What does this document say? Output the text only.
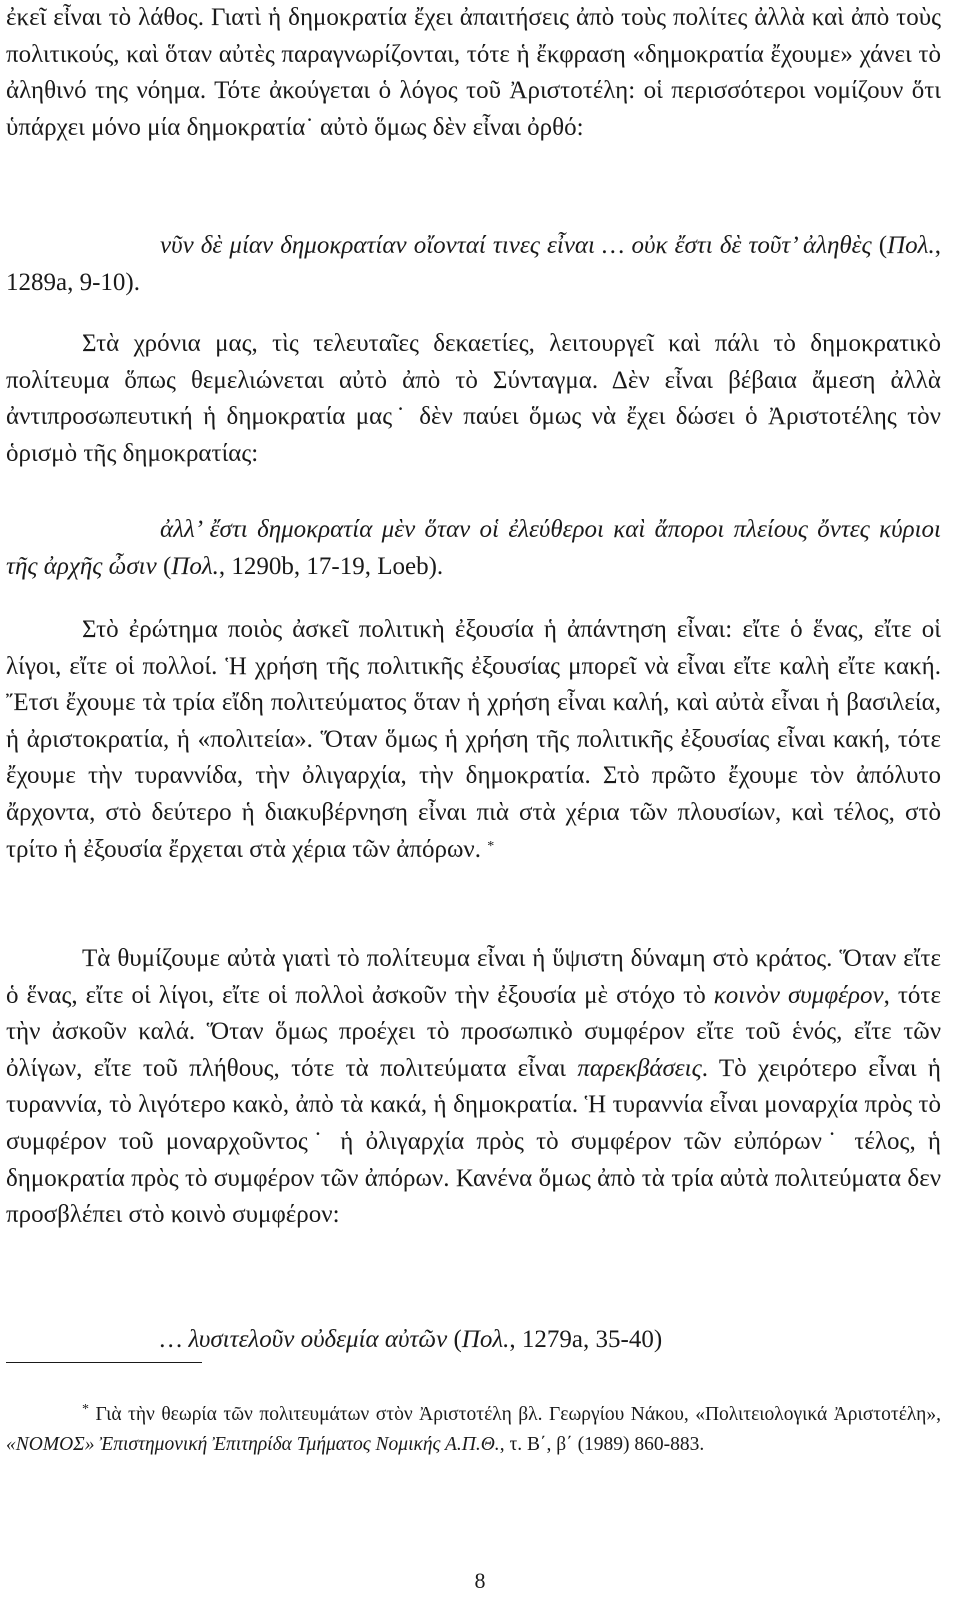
ἐκεῖ εἶναι τὸ λάθος. Γιατὶ ἡ δημοκρατία ἔχει ἀπαιτήσεις ἀπὸ τοὺς πολίτες ἀλλὰ καὶ ἀπὸ τοὺς πολιτικούς, καὶ ὅταν αὐτὲς παραγνωρίζονται, τότε ἡ ἔκφραση «δημοκρατία ἔχουμε» χάνει τὸ ἀληθινό της νόημα. Τότε ἀκούγεται ὁ λόγος τοῦ Ἀριστοτέλη: οἱ περισσότεροι νομίζουν ὅτι ὑπάρχει μόνο μία δημοκρατία˙ αὐτὸ ὅμως δὲν εἶναι ὀρθό:

νῦν δὲ μίαν δημοκρατίαν οἴονταί τινες εἶναι … οὐκ ἔστι δὲ τοῦτ’ ἀληθὲς (Πολ., 1289a, 9-10).

Στὰ χρόνια μας, τὶς τελευταῖες δεκαετίες, λειτουργεῖ καὶ πάλι τὸ δημοκρατικὸ πολίτευμα ὅπως θεμελιώνεται αὐτὸ ἀπὸ τὸ Σύνταγμα. Δὲν εἶναι βέβαια ἄμεση ἀλλὰ ἀντιπροσωπευτική ἡ δημοκρατία μας˙ δὲν παύει ὅμως νὰ ἔχει δώσει ὁ Ἀριστοτέλης τὸν ὁρισμὸ τῆς δημοκρατίας:

ἀλλ’ ἔστι δημοκρατία μὲν ὅταν οἱ ἐλεύθεροι καὶ ἄποροι πλείους ὄντες κύριοι τῆς ἀρχῆς ὦσιν (Πολ., 1290b, 17-19, Loeb).

Στὸ ἐρώτημα ποιὸς ἀσκεῖ πολιτικὴ ἐξουσία ἡ ἀπάντηση εἶναι: εἴτε ὁ ἕνας, εἴτε οἱ λίγοι, εἴτε οἱ πολλοί. Ἡ χρήση τῆς πολιτικῆς ἐξουσίας μπορεῖ νὰ εἶναι εἴτε καλὴ εἴτε κακή. Ἔτσι ἔχουμε τὰ τρία εἴδη πολιτεύματος ὅταν ἡ χρήση εἶναι καλή, καὶ αὐτὰ εἶναι ἡ βασιλεία, ἡ ἀριστοκρατία, ἡ «πολιτεία». Ὅταν ὅμως ἡ χρήση τῆς πολιτικῆς ἐξουσίας εἶναι κακή, τότε ἔχουμε τὴν τυραννίδα, τὴν ὀλιγαρχία, τὴν δημοκρατία. Στὸ πρῶτο ἔχουμε τὸν ἀπόλυτο ἄρχοντα, στὸ δεύτερο ἡ διακυβέρνηση εἶναι πιὰ στὰ χέρια τῶν πλουσίων, καὶ τέλος, στὸ τρίτο ἡ ἐξουσία ἔρχεται στὰ χέρια τῶν ἀπόρων. *

Τὰ θυμίζουμε αὐτὰ γιατὶ τὸ πολίτευμα εἶναι ἡ ὕψιστη δύναμη στὸ κράτος. Ὅταν εἴτε ὁ ἕνας, εἴτε οἱ λίγοι, εἴτε οἱ πολλοὶ ἀσκοῦν τὴν ἐξουσία μὲ στόχο τὸ κοινὸν συμφέρον, τότε τὴν ἀσκοῦν καλά. Ὅταν ὅμως προέχει τὸ προσωπικὸ συμφέρον εἴτε τοῦ ἑνός, εἴτε τῶν ὀλίγων, εἴτε τοῦ πλήθους, τότε τὰ πολιτεύματα εἶναι παρεκβάσεις. Τὸ χειρότερο εἶναι ἡ τυραννία, τὸ λιγότερο κακὸ, ἀπὸ τὰ κακά, ἡ δημοκρατία. Ἡ τυραννία εἶναι μοναρχία πρὸς τὸ συμφέρον τοῦ μοναρχοῦντος˙ ἡ ὀλιγαρχία πρὸς τὸ συμφέρον τῶν εὐπόρων˙ τέλος, ἡ δημοκρατία πρὸς τὸ συμφέρον τῶν ἀπόρων. Κανένα ὅμως ἀπὸ τὰ τρία αὐτὰ πολιτεύματα δεν προσβλέπει στὸ κοινὸ συμφέρον:

… λυσιτελοῦν οὐδεμία αὐτῶν (Πολ., 1279a, 35-40)

* Γιὰ τὴν θεωρία τῶν πολιτευμάτων στὸν Ἀριστοτέλη βλ. Γεωργίου Νάκου, «Πολιτειολογικά Ἀριστοτέλη», «ΝΟΜΟΣ» Ἐπιστημονική Ἐπιτηρίδα Τμήματος Νομικής Α.Π.Θ., τ. Β΄, β΄ (1989) 860-883.

8
